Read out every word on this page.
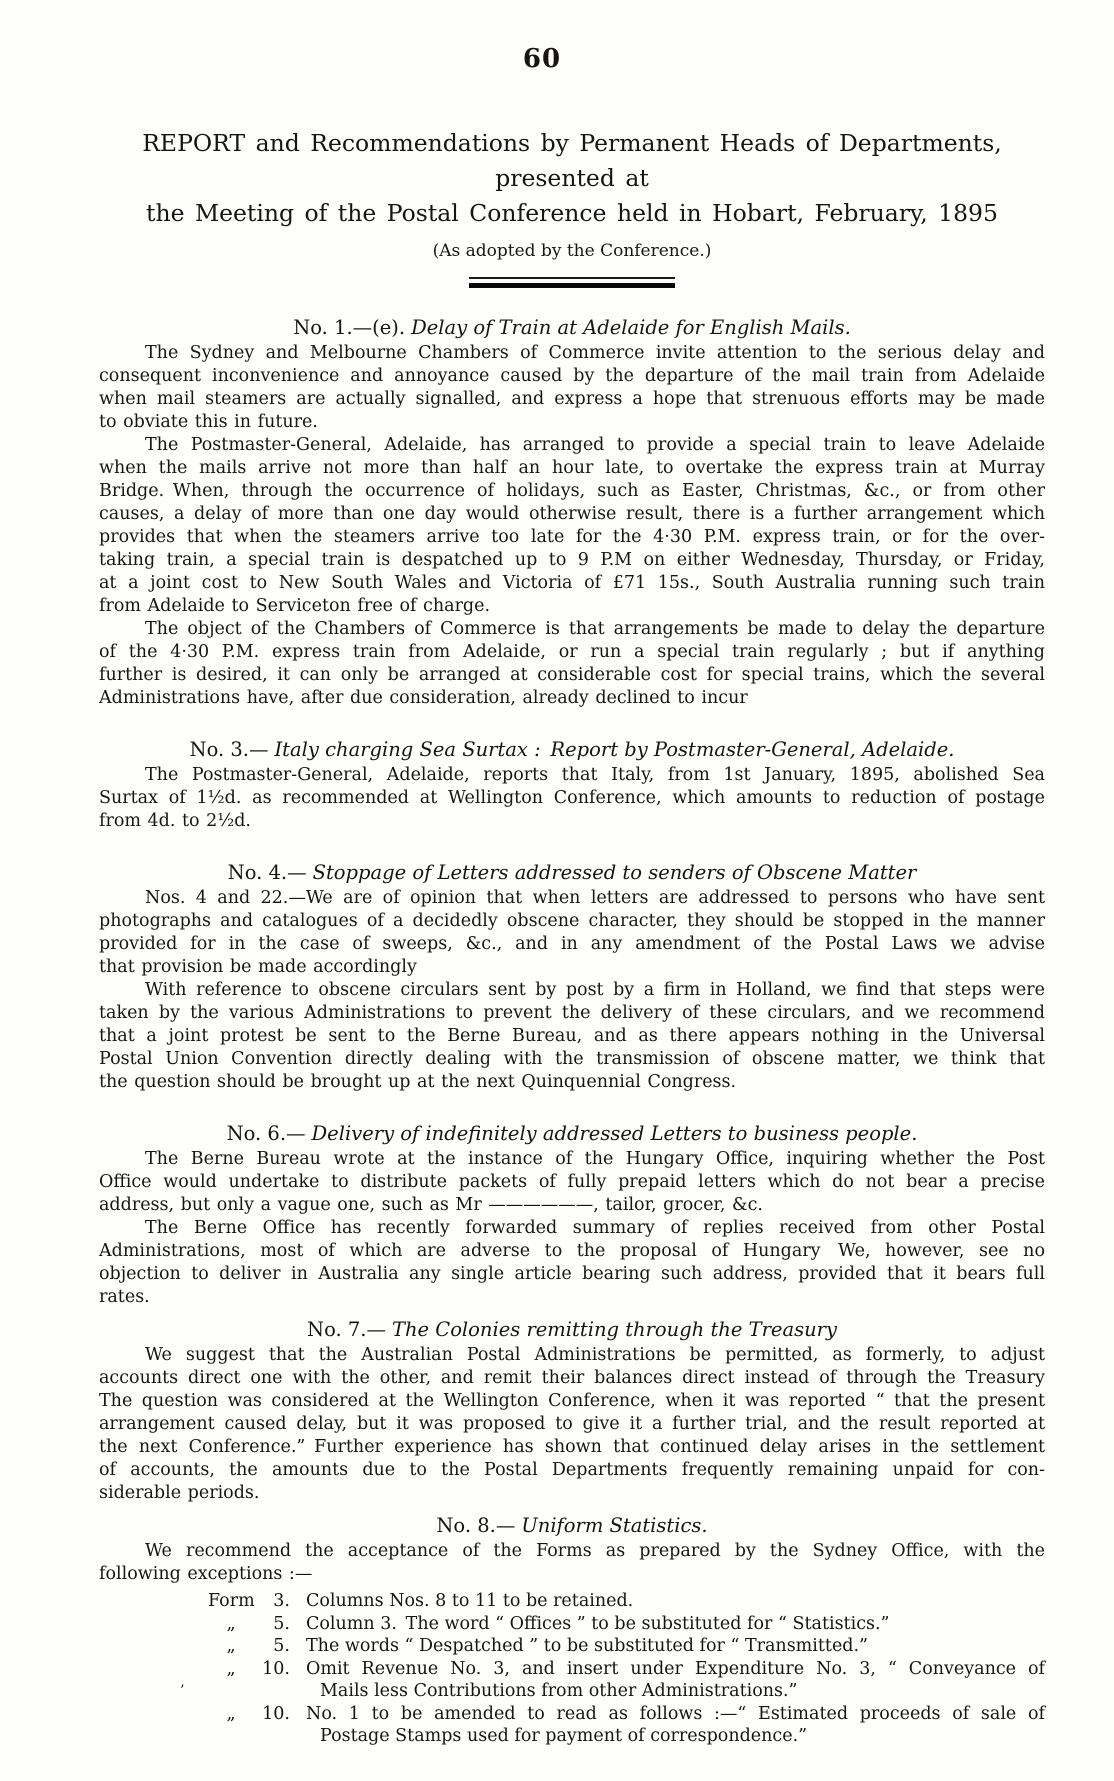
60
REPORT and Recommendations by Permanent Heads of Departments, presented at
the Meeting of the Postal Conference held in Hobart, February, 1895
(As adopted by the Conference.)
No. 1.—(e). Delay of Train at Adelaide for English Mails.
The Sydney and Melbourne Chambers of Commerce invite attention to the serious delay and
consequent inconvenience and annoyance caused by the departure of the mail train from Adelaide
when mail steamers are actually signalled, and express a hope that strenuous efforts may be made
to obviate this in future.
The Postmaster-General, Adelaide, has arranged to provide a special train to leave Adelaide
when the mails arrive not more than half an hour late, to overtake the express train at Murray
Bridge. When, through the occurrence of holidays, such as Easter, Christmas, &c., or from other
causes, a delay of more than one day would otherwise result, there is a further arrangement which
provides that when the steamers arrive too late for the 4·30 P.M. express train, or for the over-
taking train, a special train is despatched up to 9 P.M on either Wednesday, Thursday, or Friday,
at a joint cost to New South Wales and Victoria of £71 15s., South Australia running such train
from Adelaide to Serviceton free of charge.
The object of the Chambers of Commerce is that arrangements be made to delay the departure
of the 4·30 P.M. express train from Adelaide, or run a special train regularly ; but if anything
further is desired, it can only be arranged at considerable cost for special trains, which the several
Administrations have, after due consideration, already declined to incur
No. 3.— Italy charging Sea Surtax : Report by Postmaster-General, Adelaide.
The Postmaster-General, Adelaide, reports that Italy, from 1st January, 1895, abolished Sea
Surtax of 1½d. as recommended at Wellington Conference, which amounts to reduction of postage
from 4d. to 2½d.
No. 4.— Stoppage of Letters addressed to senders of Obscene Matter
Nos. 4 and 22.—We are of opinion that when letters are addressed to persons who have sent
photographs and catalogues of a decidedly obscene character, they should be stopped in the manner
provided for in the case of sweeps, &c., and in any amendment of the Postal Laws we advise
that provision be made accordingly
With reference to obscene circulars sent by post by a firm in Holland, we find that steps were
taken by the various Administrations to prevent the delivery of these circulars, and we recommend
that a joint protest be sent to the Berne Bureau, and as there appears nothing in the Universal
Postal Union Convention directly dealing with the transmission of obscene matter, we think that
the question should be brought up at the next Quinquennial Congress.
No. 6.— Delivery of indefinitely addressed Letters to business people.
The Berne Bureau wrote at the instance of the Hungary Office, inquiring whether the Post
Office would undertake to distribute packets of fully prepaid letters which do not bear a precise
address, but only a vague one, such as Mr ——————, tailor, grocer, &c.
The Berne Office has recently forwarded summary of replies received from other Postal
Administrations, most of which are adverse to the proposal of Hungary We, however, see no
objection to deliver in Australia any single article bearing such address, provided that it bears full
rates.
No. 7.— The Colonies remitting through the Treasury
We suggest that the Australian Postal Administrations be permitted, as formerly, to adjust
accounts direct one with the other, and remit their balances direct instead of through the Treasury
The question was considered at the Wellington Conference, when it was reported “ that the present
arrangement caused delay, but it was proposed to give it a further trial, and the result reported at
the next Conference.” Further experience has shown that continued delay arises in the settlement
of accounts, the amounts due to the Postal Departments frequently remaining unpaid for con-
siderable periods.
No. 8.— Uniform Statistics.
We recommend the acceptance of the Forms as prepared by the Sydney Office, with the
following exceptions :—
Form	3. Columns Nos. 8 to 11 to be retained.
„	5. Column 3. The word “ Offices ” to be substituted for “ Statistics.”
„	5. The words “ Despatched ” to be substituted for “ Transmitted.”
„	10. Omit Revenue No. 3, and insert under Expenditure No. 3, “ Conveyance of
’	Mails less Contributions from other Administrations.”
„	10. No. 1 to be amended to read as follows :—“ Estimated proceeds of sale of
Postage Stamps used for payment of correspondence.”
